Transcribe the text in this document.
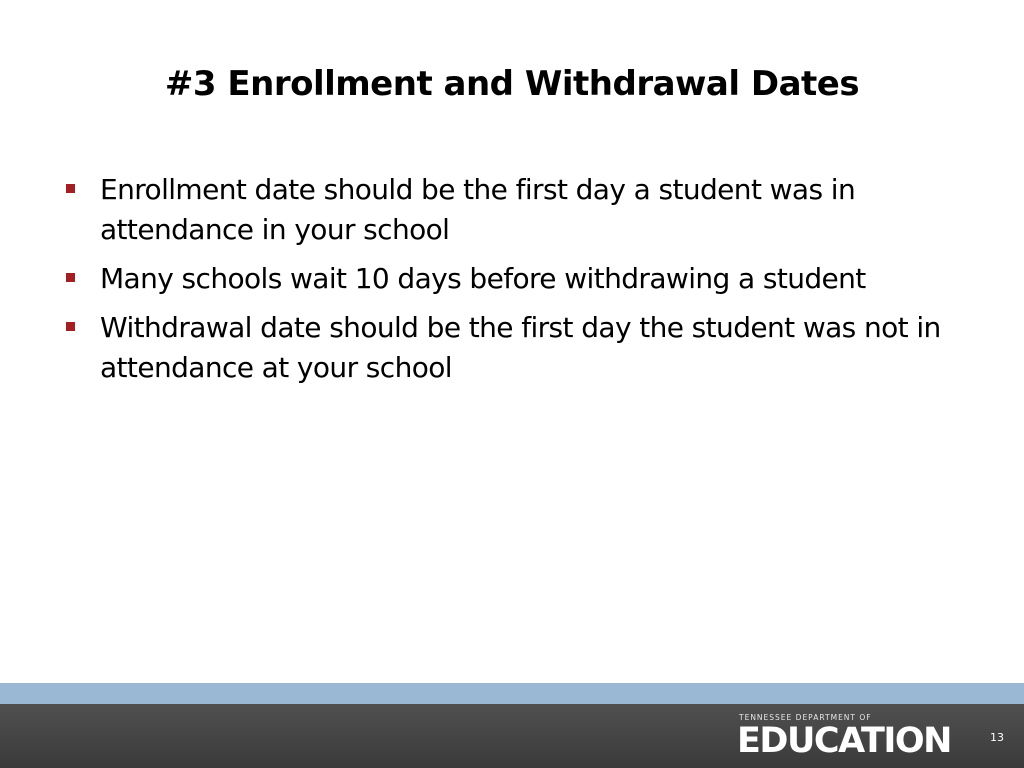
#3 Enrollment and Withdrawal Dates
Enrollment date should be the first day a student was in attendance in your school
Many schools wait 10 days before withdrawing a student
Withdrawal date should be the first day the student was not in attendance at your school
TENNESSEE DEPARTMENT OF
EDUCATION	13
